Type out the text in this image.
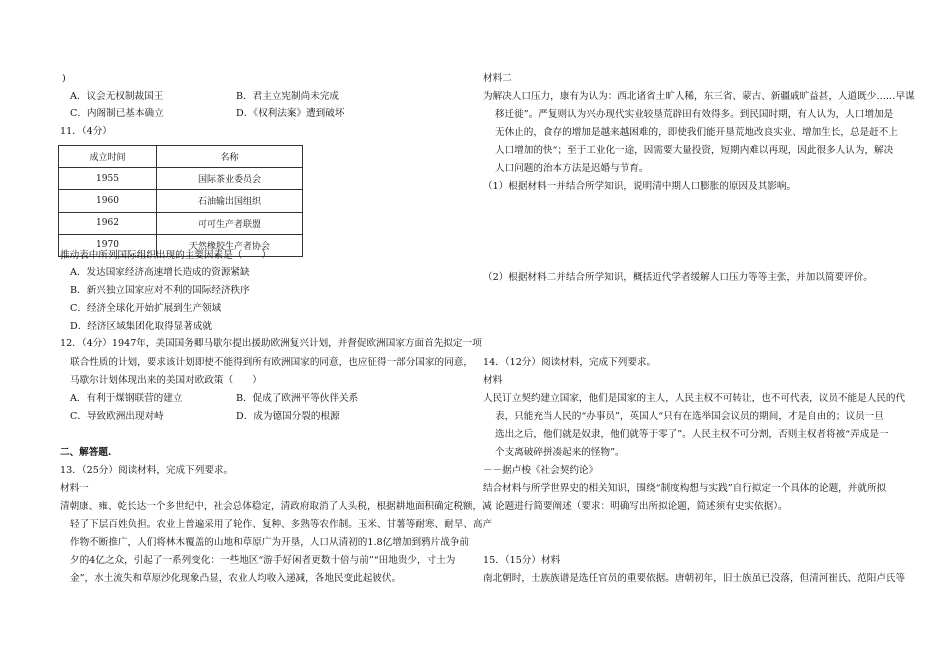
)
A．议会无权制裁国王	B．君主立宪制尚未完成
C．内阁制已基本确立	D．《权利法案》遭到破坏
11．（4分）
成立时间	名称
1955	国际茶业委员会
1960	石油输出国组织
1962	可可生产者联盟
1970	天然橡胶生产者协会
推动表中所列国际组织出现的主要因素是（　　）
A．发达国家经济高速增长造成的资源紧缺
B．新兴独立国家应对不利的国际经济秩序
C．经济全球化开始扩展到生产领域
D．经济区域集团化取得显著成就
12．（4分）1947年，美国国务卿马歇尔提出援助欧洲复兴计划，并督促欧洲国家方面首先拟定一项
联合性质的计划，要求该计划即使不能得到所有欧洲国家的同意，也应征得一部分国家的同意，
马歇尔计划体现出来的美国对欧政策（　　）
A．有利于煤钢联营的建立	B．促成了欧洲平等伙伴关系
C．导致欧洲出现对峙	D．成为德国分裂的根源
二、解答题.
13．（25分）阅读材料，完成下列要求。
材料一
清朝康、雍、乾长达一个多世纪中，社会总体稳定，清政府取消了人头税，根据耕地面积确定税额，减
轻了下层百姓负担。农业上普遍采用了轮作、复种、多熟等农作制。玉米、甘薯等耐寒、耐旱、高产
作物不断推广，人们将林木覆盖的山地和草原广为开垦，人口从清初的1.8亿增加到鸦片战争前
夕的4亿之众，引起了一系列变化：一些地区“游手好闲者更数十倍与前”“田地贵少，寸土为
金”，水土流失和草原沙化现象凸显，农业人均收入递减，各地民变此起彼伏。
材料二
为解决人口压力，康有为认为：西北诸省土旷人稀，东三省、蒙古、新疆戚旷益甚，人道既少……早谋
移迁徙”。严复则认为兴办现代实业较垦荒辟田有效得多。到民国时期，有人认为，人口增加是
无休止的，食存的增加是越来越困难的，即使我们能开垦荒地改良实业、增加生长，总是赶不上
人口增加的快“；至于工业化一途，因需要大量投资，短期内难以再现，因此很多人认为，解决
人口问题的治本方法是迟婚与节育。
（1）根据材料一并结合所学知识，说明清中期人口膨胀的原因及其影响。
（2）根据材料二并结合所学知识，概括近代学者缓解人口压力等等主张，并加以简要评价。
14．（12分）阅读材料，完成下列要求。
材料
人民订立契约建立国家，他们是国家的主人，人民主权不可转让，也不可代表，议员不能是人民的代
表，只能充当人民的“办事员”，英国人“只有在选举国会议员的期间，才是自由的；议员一旦
选出之后，他们就是奴隶，他们就等于零了”。人民主权不可分割，否则主权者将被“弄成是一
个支离破碎拼凑起来的怪物”。
－－据卢梭《社会契约论》
结合材料与所学世界史的相关知识，围绕“制度构想与实践”自行拟定一个具体的论题，并就所拟
论题进行简要阐述（要求：明确写出所拟论题，简述须有史实依据）。
15．（15分）材料
南北朝时，士族族谱是选任官员的重要依据。唐朝初年，旧士族虽已没落，但清河崔氏、范阳卢氏等
